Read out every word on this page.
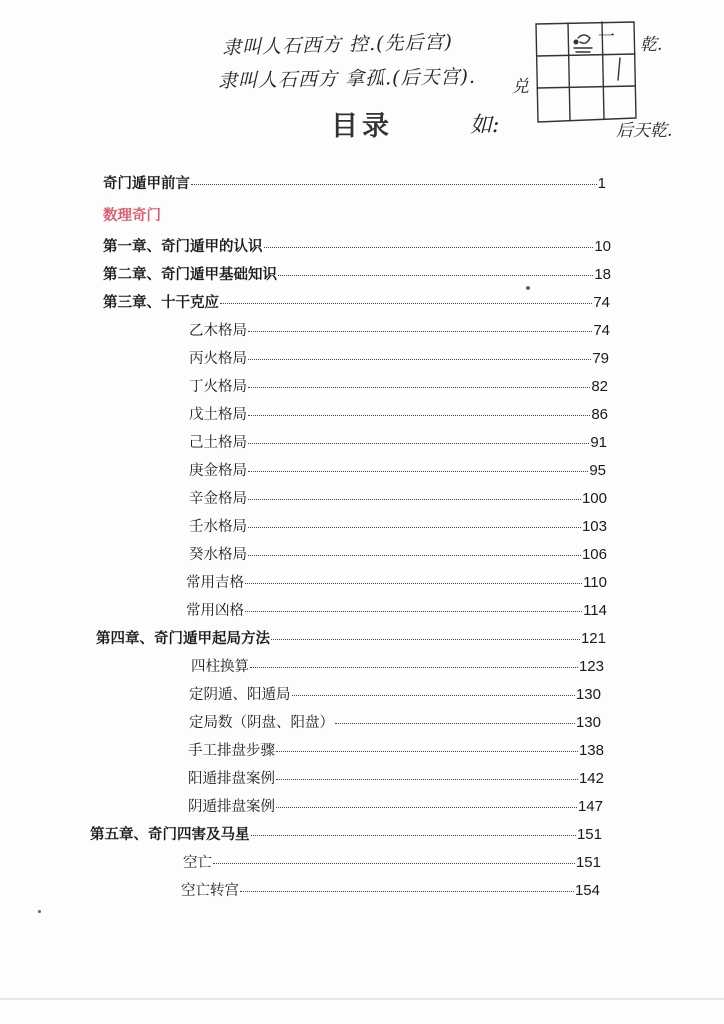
隶叫人石西方 控.(先后宫)
隶叫人石西方 拿孤.(后天宫).
一 乾.
兑
如:	后天乾.
目录
奇门遁甲前言	1
数理奇门
第一章、奇门遁甲的认识	10
第二章、奇门遁甲基础知识	18
第三章、十干克应	74
乙木格局	74
丙火格局	79
丁火格局	82
戊土格局	86
己土格局	91
庚金格局	95
辛金格局	100
壬水格局	103
癸水格局	106
常用吉格	110
常用凶格	114
第四章、奇门遁甲起局方法	121
四柱换算	123
定阴遁、阳遁局	130
定局数（阴盘、阳盘）	130
手工排盘步骤	138
阳遁排盘案例	142
阴遁排盘案例	147
第五章、奇门四害及马星	151
空亡	151
空亡转宫	154
